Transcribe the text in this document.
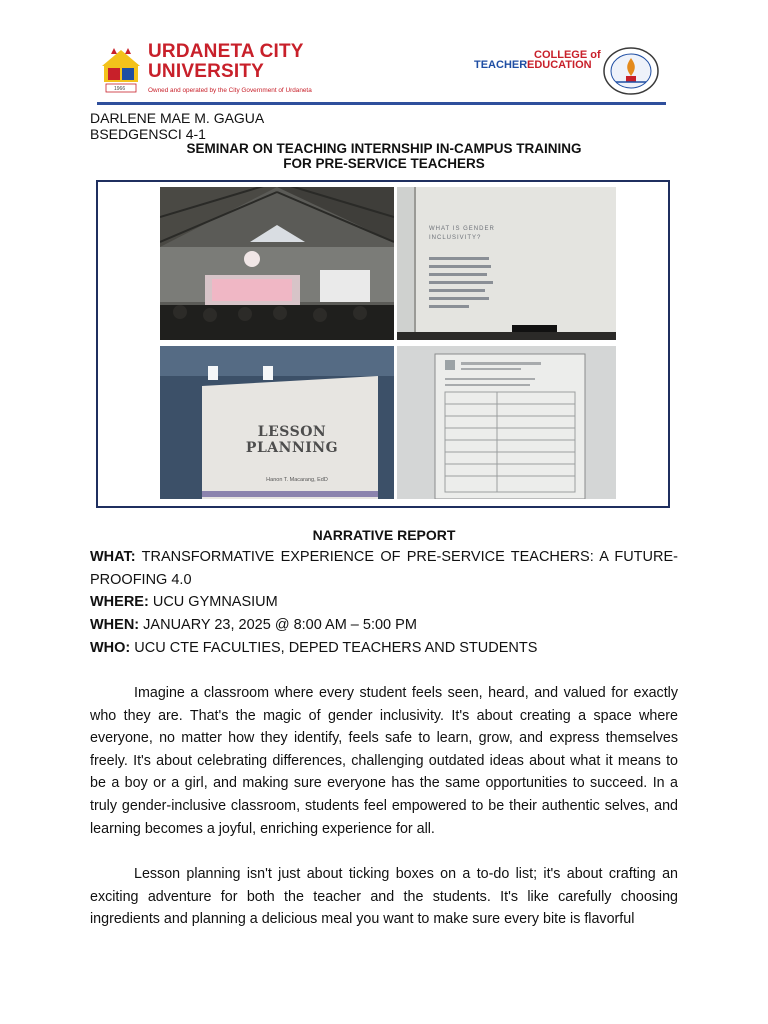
1966
URDANETA CITY
UNIVERSITY
Owned and operated by the City Government of Urdaneta
COLLEGE of
TEACHER EDUCATION
DARLENE MAE M. GAGUA
BSEDGENSCI 4-1
SEMINAR ON TEACHING INTERNSHIP IN-CAMPUS TRAINING
FOR PRE-SERVICE TEACHERS
WHAT IS GENDER INCLUSIVITY?
LESSON PLANNING
Hanon T. Macarang, EdD
NARRATIVE REPORT
WHAT: TRANSFORMATIVE EXPERIENCE OF PRE-SERVICE TEACHERS: A FUTURE-PROOFING 4.0
WHERE: UCU GYMNASIUM
WHEN: JANUARY 23, 2025 @ 8:00 AM – 5:00 PM
WHO: UCU CTE FACULTIES, DEPED TEACHERS AND STUDENTS

Imagine a classroom where every student feels seen, heard, and valued for exactly who they are. That's the magic of gender inclusivity. It's about creating a space where everyone, no matter how they identify, feels safe to learn, grow, and express themselves freely. It's about celebrating differences, challenging outdated ideas about what it means to be a boy or a girl, and making sure everyone has the same opportunities to succeed. In a truly gender-inclusive classroom, students feel empowered to be their authentic selves, and learning becomes a joyful, enriching experience for all.

Lesson planning isn't just about ticking boxes on a to-do list; it's about crafting an exciting adventure for both the teacher and the students. It's like carefully choosing ingredients and planning a delicious meal you want to make sure every bite is flavorful
